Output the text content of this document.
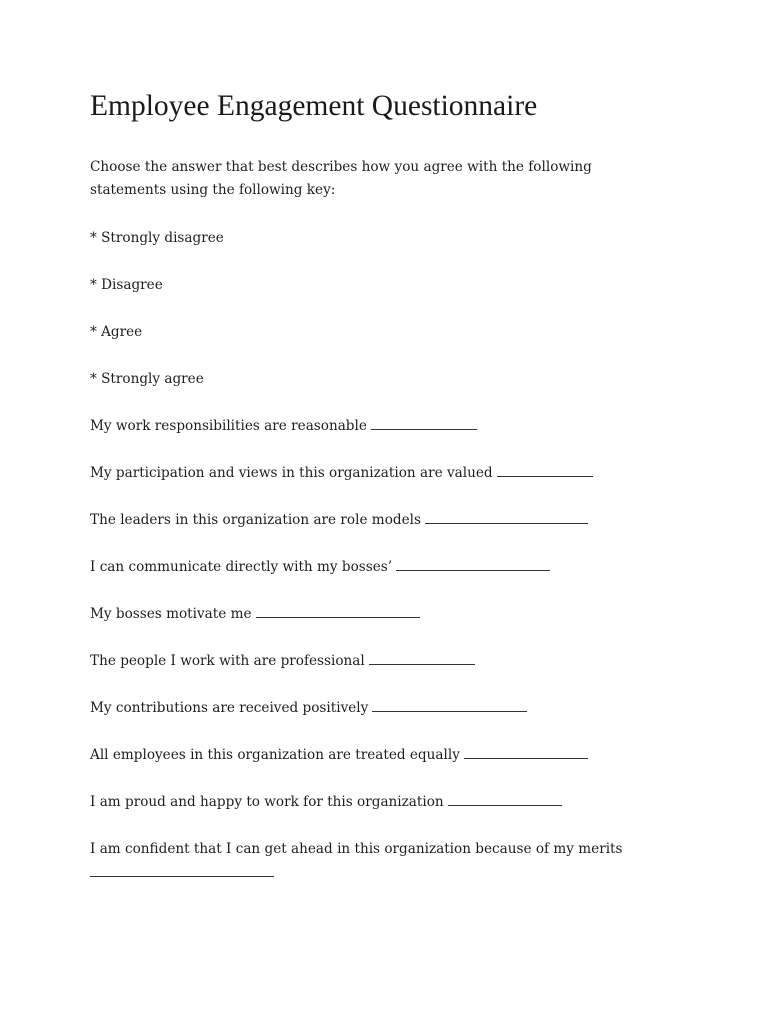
Employee Engagement Questionnaire

Choose the answer that best describes how you agree with the following statements using the following key:

* Strongly disagree

* Disagree

* Agree

* Strongly agree

My work responsibilities are reasonable
My participation and views in this organization are valued
The leaders in this organization are role models
I can communicate directly with my bosses’
My bosses motivate me
The people I work with are professional
My contributions are received positively
All employees in this organization are treated equally
I am proud and happy to work for this organization
I am confident that I can get ahead in this organization because of my merits
